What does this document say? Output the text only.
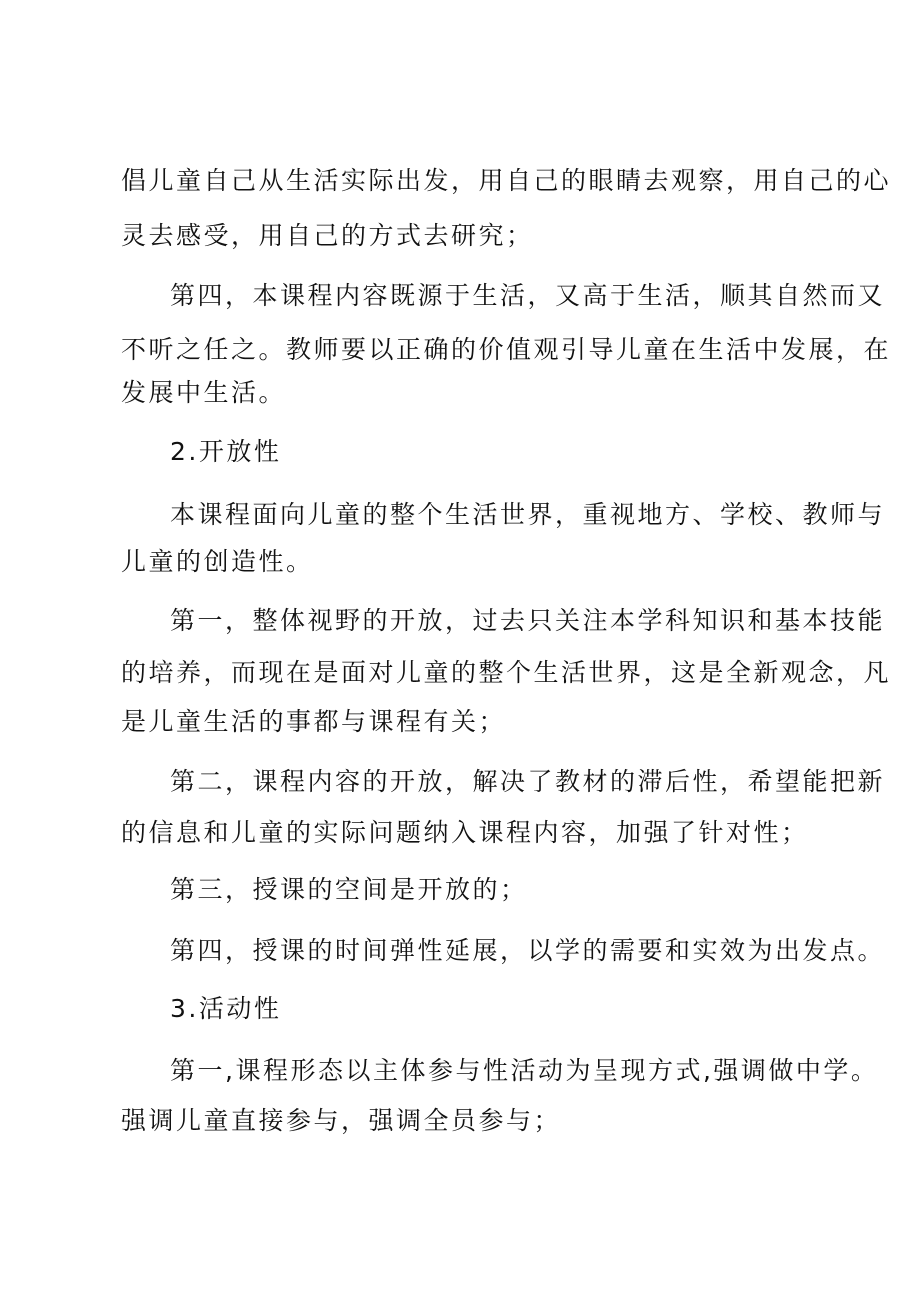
倡儿童自己从生活实际出发，用自己的眼睛去观察，用自己的心
灵去感受，用自己的方式去研究；
第四，本课程内容既源于生活，又高于生活，顺其自然而又
不听之任之。教师要以正确的价值观引导儿童在生活中发展，在
发展中生活。
2.开放性
本课程面向儿童的整个生活世界，重视地方、学校、教师与
儿童的创造性。
第一，整体视野的开放，过去只关注本学科知识和基本技能
的培养，而现在是面对儿童的整个生活世界，这是全新观念，凡
是儿童生活的事都与课程有关；
第二，课程内容的开放，解决了教材的滞后性，希望能把新
的信息和儿童的实际问题纳入课程内容，加强了针对性；
第三，授课的空间是开放的；
第四，授课的时间弹性延展，以学的需要和实效为出发点。
3.活动性
第一,课程形态以主体参与性活动为呈现方式,强调做中学。
强调儿童直接参与，强调全员参与；
